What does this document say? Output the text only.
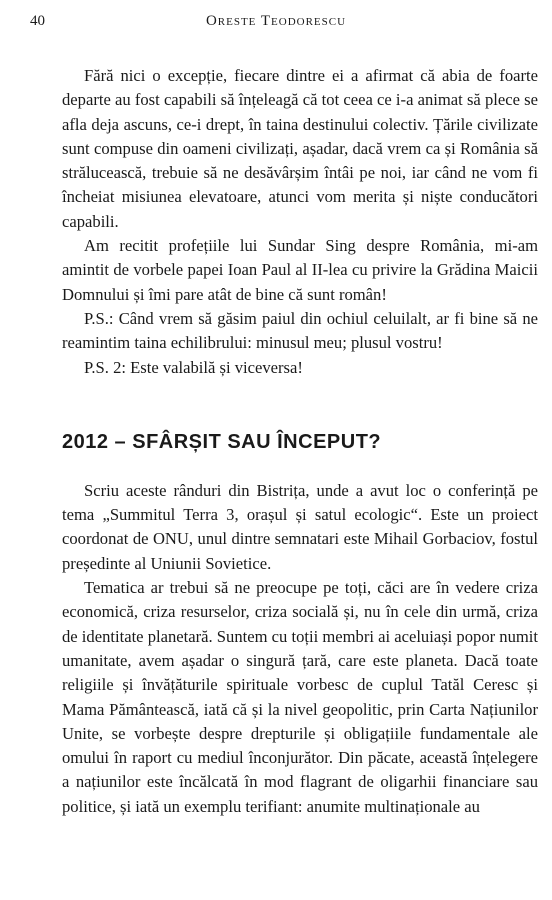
40	Oreste Teodorescu

Fără nici o excepție, fiecare dintre ei a afirmat că abia de foarte departe au fost capabili să înțeleagă că tot ceea ce i-a animat să plece se afla deja ascuns, ce-i drept, în taina destinului colectiv. Țările civilizate sunt compuse din oameni civilizați, așadar, dacă vrem ca și România să strălucească, trebuie să ne desăvârșim întâi pe noi, iar când ne vom fi încheiat misiunea elevatoare, atunci vom merita și niște conducători capabili.

Am recitit profețiile lui Sundar Sing despre România, mi-am amintit de vorbele papei Ioan Paul al II-lea cu privire la Grădina Maicii Domnului și îmi pare atât de bine că sunt român!

P.S.: Când vrem să găsim paiul din ochiul celuilalt, ar fi bine să ne reamintim taina echilibrului: minusul meu; plusul vostru!

P.S. 2: Este valabilă și viceversa!

2012 – SFÂRȘIT SAU ÎNCEPUT?

Scriu aceste rânduri din Bistrița, unde a avut loc o conferință pe tema „Summitul Terra 3, orașul și satul ecologic“. Este un proiect coordonat de ONU, unul dintre semnatari este Mihail Gorbaciov, fostul președinte al Uniunii Sovietice.

Tematica ar trebui să ne preocupe pe toți, căci are în vedere criza economică, criza resurselor, criza socială și, nu în cele din urmă, criza de identitate planetară. Suntem cu toții membri ai aceluiași popor numit umanitate, avem așadar o singură țară, care este planeta. Dacă toate religiile și învățăturile spirituale vorbesc de cuplul Tatăl Ceresc și Mama Pământească, iată că și la nivel geopolitic, prin Carta Națiunilor Unite, se vorbește despre drepturile și obligațiile fundamentale ale omului în raport cu mediul înconjurător. Din păcate, această înțelegere a națiunilor este încălcată în mod flagrant de oligarhii financiare sau politice, și iată un exemplu terifiant: anumite multinaționale au
